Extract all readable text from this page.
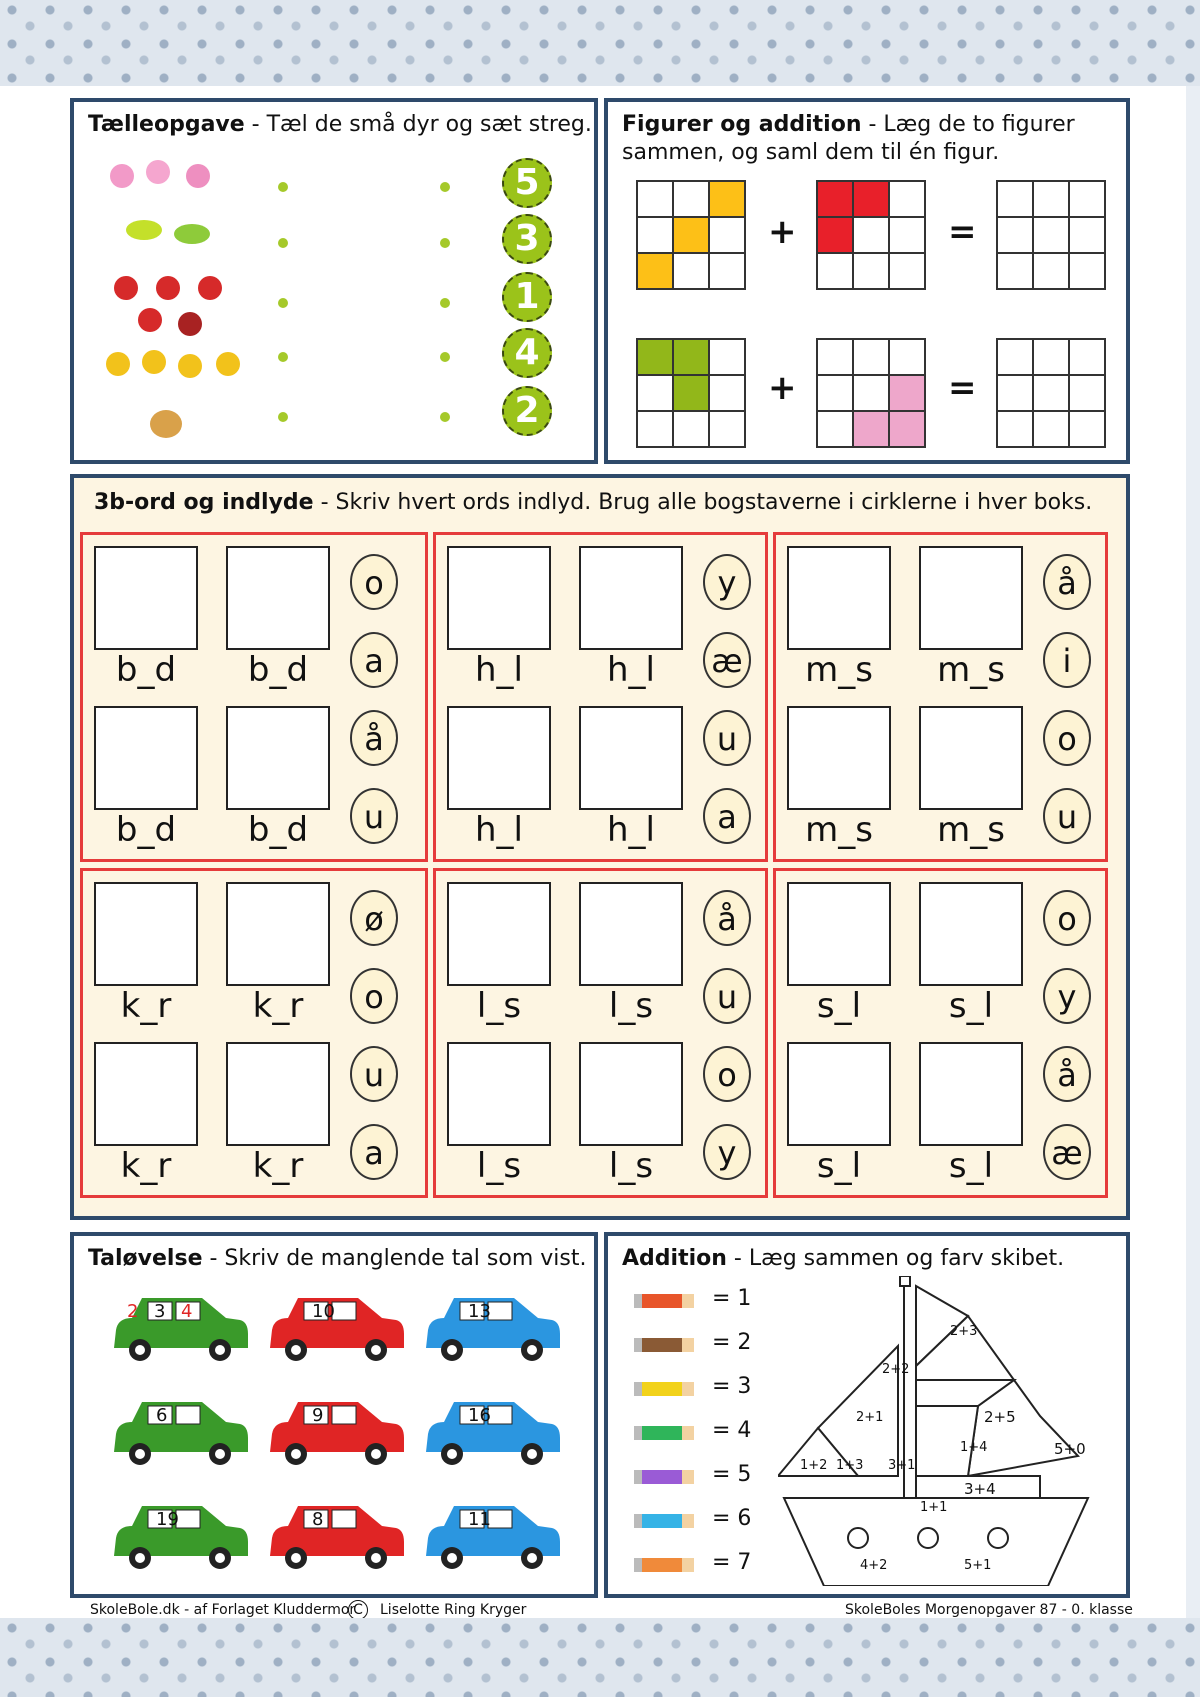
Tælleopgave - Tæl de små dyr og sæt streg.
5
3
1
4
2
Figurer og addition - Læg de to figurer
sammen, og saml dem til én figur.

+

			=

+

			=

3b-ord og indlyde - Skriv hvert ords indlyd. Brug alle bogstaverne i cirklerne i hver boks.
b_d	b_d
b_d	b_d
o
a
å
u
h_l	h_l
h_l	h_l
y
æ
u
a
m_s	m_s
m_s	m_s
å
i
o
u
k_r	k_r
k_r	k_r
ø
o
u
a
l_s	l_s
l_s	l_s
å
u
o
y
s_l	s_l
s_l	s_l
o
y
å
æ
Taløvelse - Skriv de manglende tal som vist.
2 3 4	10	13
6	9	16
19	8	11
Addition - Læg sammen og farv skibet.
= 1
= 2
= 3
= 4
= 5
= 6
= 7
2+3
2+2
2+5
2+1
1+4	5+0
1+2 1+3 3+1
3+4
1+1
4+2	5+1
SkoleBole.dk - af Forlaget Kluddermor
C	Liselotte Ring Kryger	SkoleBoles Morgenopgaver 87 - 0. klasse
